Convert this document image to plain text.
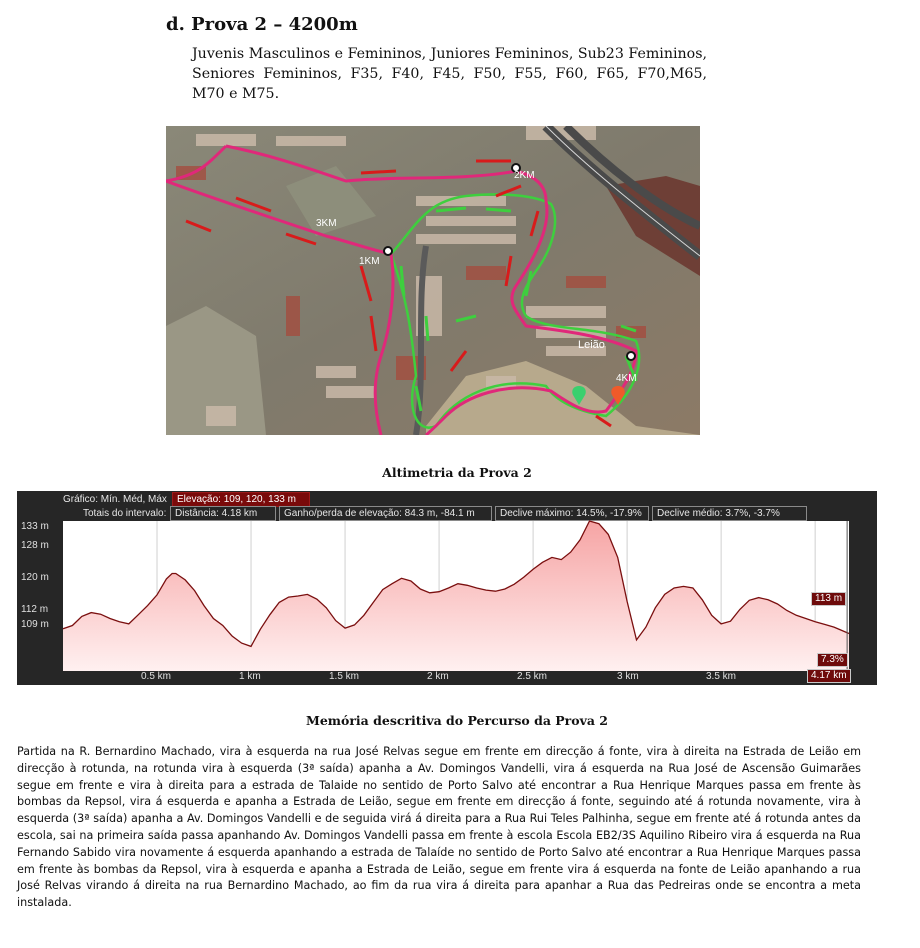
d. Prova 2 – 4200m
Juvenis Masculinos e Femininos, Juniores Femininos, Sub23 Femininos, Seniores Femininos, F35, F40, F45, F50, F55, F60, F65, F70,M65, M70 e M75.
3KM
2KM
1KM
Leião
4KM
Altimetria da Prova 2
Gráfico: Mín. Méd, Máx	Elevação: 109, 120, 133 m
Totais do intervalo: Distância: 4.18 km	Ganho/perda de elevação: 84.3 m, -84.1 m	Declive máximo: 14.5%, -17.9%	Declive médio: 3.7%, -3.7%
133 m
128 m
120 m
112 m
109 m
0.5 km	1 km	1.5 km	2 km	2.5 km	3 km	3.5 km
113 m
7.3%
4.17 km
Memória descritiva do Percurso da Prova 2
Partida na R. Bernardino Machado, vira à esquerda na rua José Relvas segue em frente em direcção á fonte, vira à direita na Estrada de Leião em direcção à rotunda, na rotunda vira à esquerda (3ª saída) apanha a Av. Domingos Vandelli, vira á esquerda na Rua José de Ascensão Guimarães segue em frente e vira à direita para a estrada de Talaide no sentido de Porto Salvo até encontrar a Rua Henrique Marques passa em frente às bombas da Repsol, vira á esquerda e apanha a Estrada de Leião, segue em frente em direcção á fonte, seguindo até á rotunda novamente, vira à esquerda (3ª saída) apanha a Av. Domingos Vandelli e de seguida virá á direita para a Rua Rui Teles Palhinha, segue em frente até á rotunda antes da escola, sai na primeira saída passa apanhando Av. Domingos Vandelli passa em frente à escola Escola EB2/3S Aquilino Ribeiro vira á esquerda na Rua Fernando Sabido vira novamente á esquerda apanhando a estrada de Talaíde no sentido de Porto Salvo até encontrar a Rua Henrique Marques passa em frente às bombas da Repsol, vira à esquerda e apanha a Estrada de Leião, segue em frente vira á esquerda na fonte de Leião apanhando a rua José Relvas virando á direita na rua Bernardino Machado, ao fim da rua vira á direita para apanhar a Rua das Pedreiras onde se encontra a meta instalada.
